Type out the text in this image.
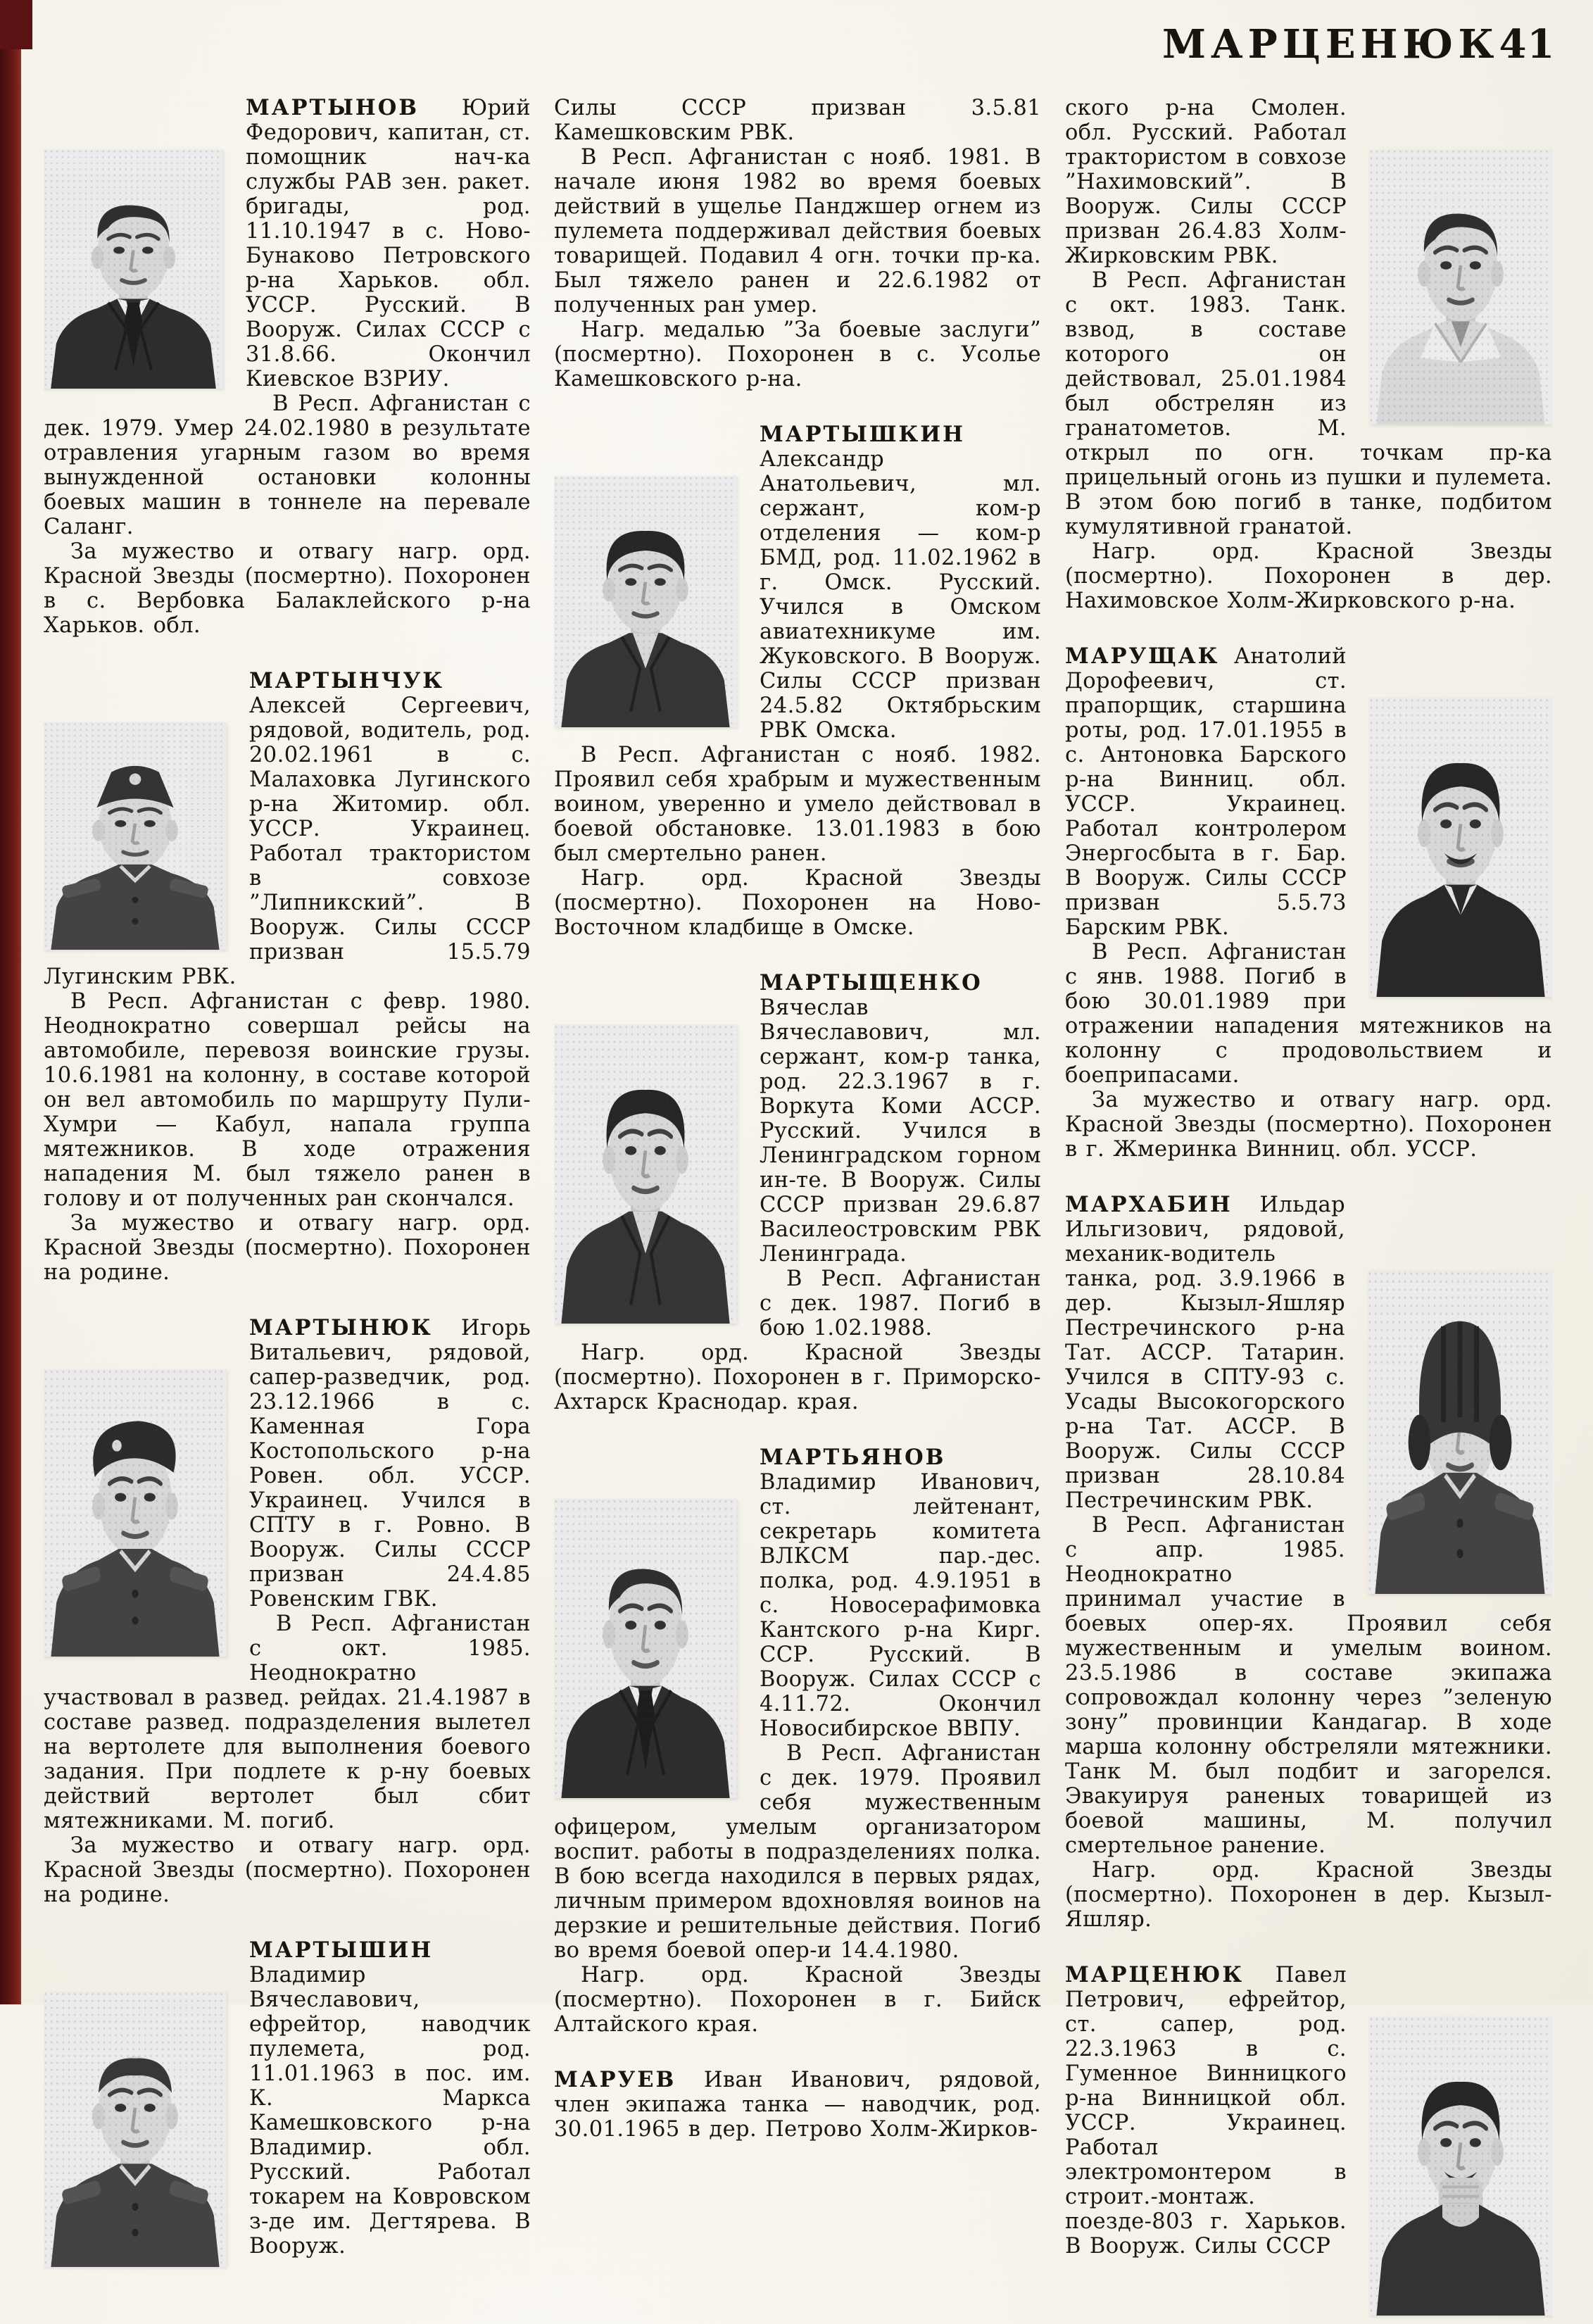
МАРЦЕНЮК 41

МАРТЫНОВ Юрий Федорович, капитан, ст. помощник нач-ка службы РАВ зен. ракет. бригады, род. 11.10.1947 в с. Ново-Бунаково Петровского р-на Харьков. обл. УССР. Русский. В Вооруж. Силах СССР с 31.8.66. Окончил Киевское ВЗРИУ.

В Респ. Афганистан с дек. 1979. Умер 24.02.1980 в результате отравления угарным газом во время вынужденной остановки колонны боевых машин в тоннеле на перевале Саланг.

За мужество и отвагу нагр. орд. Красной Звезды (посмертно). Похоронен в с. Вербовка Балаклейского р-на Харьков. обл.

МАРТЫНЧУК Алексей Сергеевич, рядовой, водитель, род. 20.02.1961 в с. Малаховка Лугинского р-на Житомир. обл. УССР. Украинец. Работал трактористом в совхозе ”Липникский”. В Вооруж. Силы СССР призван 15.5.79 Лугинским РВК.

В Респ. Афганистан с февр. 1980. Неоднократно совершал рейсы на автомобиле, перевозя воинские грузы. 10.6.1981 на колонну, в составе которой он вел автомобиль по маршруту Пули-Хумри — Кабул, напала группа мятежников. В ходе отражения нападения М. был тяжело ранен в голову и от полученных ран скончался.

За мужество и отвагу нагр. орд. Красной Звезды (посмертно). Похоронен на родине.

МАРТЫНЮК Игорь Витальевич, рядовой, сапер-разведчик, род. 23.12.1966 в с. Каменная Гора Костопольского р-на Ровен. обл. УССР. Украинец. Учился в СПТУ в г. Ровно. В Вооруж. Силы СССР призван 24.4.85 Ровенским ГВК.

В Респ. Афганистан с окт. 1985. Неоднократно участвовал в развед. рейдах. 21.4.1987 в составе развед. подразделения вылетел на вертолете для выполнения боевого задания. При подлете к р-ну боевых действий вертолет был сбит мятежниками. М. погиб.

За мужество и отвагу нагр. орд. Красной Звезды (посмертно). Похоронен на родине.

МАРТЫШИН Владимир Вячеславович, ефрейтор, наводчик пулемета, род. 11.01.1963 в пос. им. К. Маркса Камешковского р-на Владимир. обл. Русский. Работал токарем на Ковровском з-де им. Дегтярева. В Вооруж.

Силы СССР призван 3.5.81 Камешковским РВК.

В Респ. Афганистан с нояб. 1981. В начале июня 1982 во время боевых действий в ущелье Панджшер огнем из пулемета поддерживал действия боевых товарищей. Подавил 4 огн. точки пр-ка. Был тяжело ранен и 22.6.1982 от полученных ран умер.

Нагр. медалью ”За боевые заслуги” (посмертно). Похоронен в с. Усолье Камешковского р-на.

МАРТЫШКИН Александр Анатольевич, мл. сержант, ком-р отделения — ком-р БМД, род. 11.02.1962 в г. Омск. Русский. Учился в Омском авиатехникуме им. Жуковского. В Вооруж. Силы СССР призван 24.5.82 Октябрьским РВК Омска.

В Респ. Афганистан с нояб. 1982. Проявил себя храбрым и мужественным воином, уверенно и умело действовал в боевой обстановке. 13.01.1983 в бою был смертельно ранен.

Нагр. орд. Красной Звезды (посмертно). Похоронен на Ново-Восточном кладбище в Омске.

МАРТЫЩЕНКО Вячеслав Вячеславович, мл. сержант, ком-р танка, род. 22.3.1967 в г. Воркута Коми АССР. Русский. Учился в Ленинградском горном ин-те. В Вооруж. Силы СССР призван 29.6.87 Василеостровским РВК Ленинграда.

В Респ. Афганистан с дек. 1987. Погиб в бою 1.02.1988.

Нагр. орд. Красной Звезды (посмертно). Похоронен в г. Приморско-Ахтарск Краснодар. края.

МАРТЬЯНОВ Владимир Иванович, ст. лейтенант, секретарь комитета ВЛКСМ пар.-дес. полка, род. 4.9.1951 в с. Новосерафимовка Кантского р-на Кирг. ССР. Русский. В Вооруж. Силах СССР с 4.11.72. Окончил Новосибирское ВВПУ.

В Респ. Афганистан с дек. 1979. Проявил себя мужественным офицером, умелым организатором воспит. работы в подразделениях полка. В бою всегда находился в первых рядах, личным примером вдохновляя воинов на дерзкие и решительные действия. Погиб во время боевой опер-и 14.4.1980.

Нагр. орд. Красной Звезды (посмертно). Похоронен в г. Бийск Алтайского края.

МАРУЕВ Иван Иванович, рядовой, член экипажа танка — наводчик, род. 30.01.1965 в дер. Петрово Холм-Жирков-

ского р-на Смолен. обл. Русский. Работал трактористом в совхозе ”Нахимовский”. В Вооруж. Силы СССР призван 26.4.83 Холм-Жирковским РВК.

В Респ. Афганистан с окт. 1983. Танк. взвод, в составе которого он действовал, 25.01.1984 был обстрелян из гранатометов. М. открыл по огн. точкам пр-ка прицельный огонь из пушки и пулемета. В этом бою погиб в танке, подбитом кумулятивной гранатой.

Нагр. орд. Красной Звезды (посмертно). Похоронен в дер. Нахимовское Холм-Жирковского р-на.

МАРУЩАК Анатолий Дорофеевич, ст. прапорщик, старшина роты, род. 17.01.1955 в с. Антоновка Барского р-на Винниц. обл. УССР. Украинец. Работал контролером Энергосбыта в г. Бар. В Вооруж. Силы СССР призван 5.5.73 Барским РВК.

В Респ. Афганистан с янв. 1988. Погиб в бою 30.01.1989 при отражении нападения мятежников на колонну с продовольствием и боеприпасами.

За мужество и отвагу нагр. орд. Красной Звезды (посмертно). Похоронен в г. Жмеринка Винниц. обл. УССР.

МАРХАБИН Ильдар Ильгизович, рядовой, механик-водитель танка, род. 3.9.1966 в дер. Кызыл-Яшляр Пестречинского р-на Тат. АССР. Татарин. Учился в СПТУ-93 с. Усады Высокогорского р-на Тат. АССР. В Вооруж. Силы СССР призван 28.10.84 Пестречинским РВК.

В Респ. Афганистан с апр. 1985. Неоднократно принимал участие в боевых опер-ях. Проявил себя мужественным и умелым воином. 23.5.1986 в составе экипажа сопровождал колонну через ”зеленую зону” провинции Кандагар. В ходе марша колонну обстреляли мятежники. Танк М. был подбит и загорелся. Эвакуируя раненых товарищей из боевой машины, М. получил смертельное ранение.

Нагр. орд. Красной Звезды (посмертно). Похоронен в дер. Кызыл-Яшляр.

МАРЦЕНЮК Павел Петрович, ефрейтор, ст. сапер, род. 22.3.1963 в с. Гуменное Винницкого р-на Винницкой обл. УССР. Украинец. Работал электромонтером в строит.-монтаж. поезде-803 г. Харьков. В Вооруж. Силы СССР
